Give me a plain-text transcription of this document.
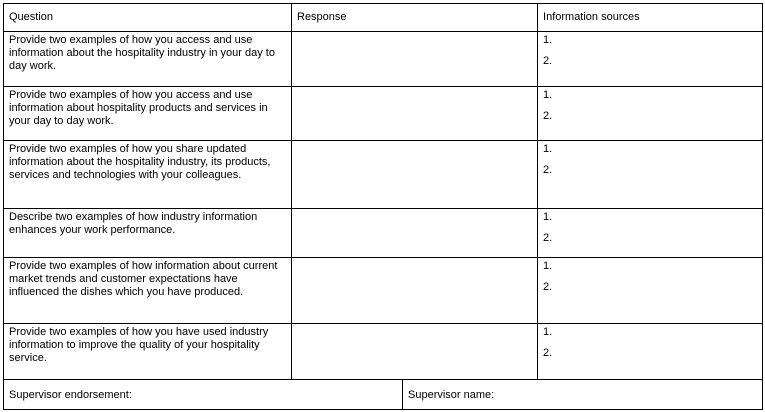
Question	Response		Information sources
Provide two examples of how you access and use information about the hospitality industry in your day to day work.			1.
2.

Provide two examples of how you access and use information about hospitality products and services in your day to day work.			1.
2.

Provide two examples of how you share updated information about the hospitality industry, its products, services and technologies with your colleagues.			1.
2.

Describe two examples of how industry information enhances your work performance.			1.
2.

Provide two examples of how information about current market trends and customer expectations have influenced the dishes which you have produced.			1.
2.

Provide two examples of how you have used industry information to improve the quality of your hospitality service.			1.
2.

Supervisor endorsement:		Supervisor name:	
